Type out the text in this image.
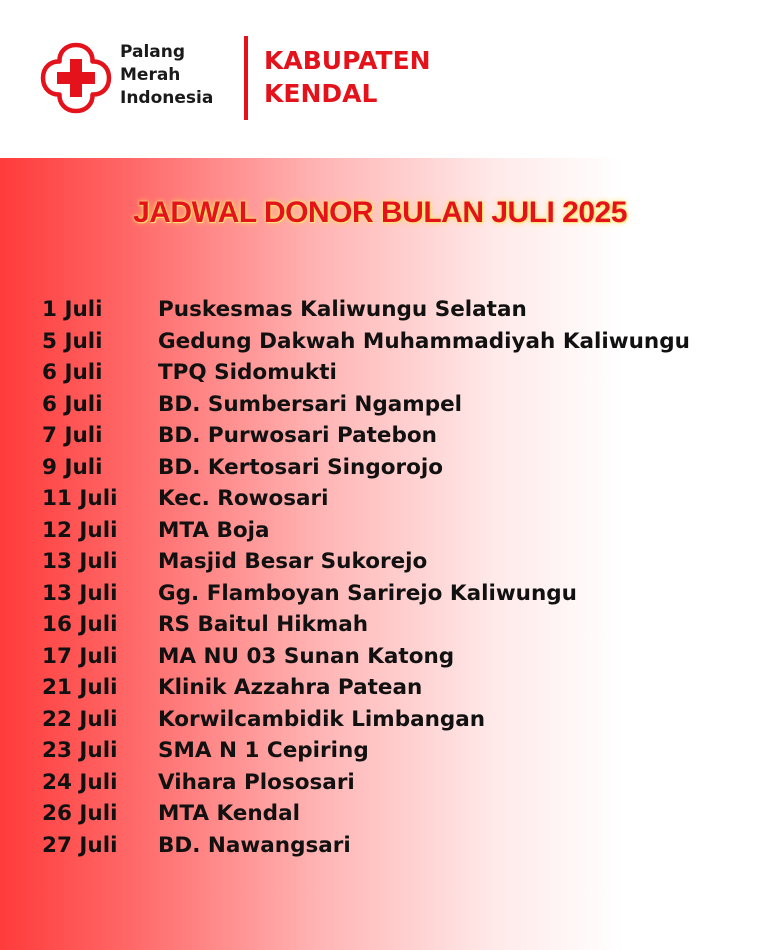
Palang
Merah
Indonesia
KABUPATEN
KENDAL
JADWAL DONOR BULAN JULI 2025
1 Juli	Puskesmas Kaliwungu Selatan
5 Juli	Gedung Dakwah Muhammadiyah Kaliwungu
6 Juli	TPQ Sidomukti
6 Juli	BD. Sumbersari Ngampel
7 Juli	BD. Purwosari Patebon
9 Juli	BD. Kertosari Singorojo
11 Juli	Kec. Rowosari
12 Juli	MTA Boja
13 Juli	Masjid Besar Sukorejo
13 Juli	Gg. Flamboyan Sarirejo Kaliwungu
16 Juli	RS Baitul Hikmah
17 Juli	MA NU 03 Sunan Katong
21 Juli	Klinik Azzahra Patean
22 Juli	Korwilcambidik Limbangan
23 Juli	SMA N 1 Cepiring
24 Juli	Vihara Plososari
26 Juli	MTA Kendal
27 Juli	BD. Nawangsari
